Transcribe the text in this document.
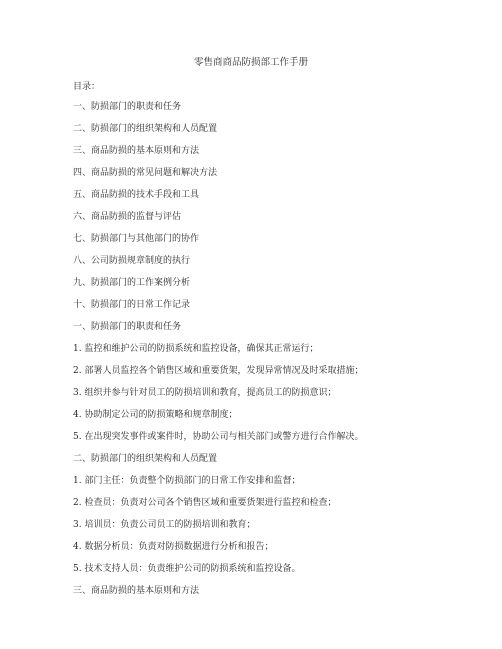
零售商商品防损部工作手册
目录：
一、防损部门的职责和任务
二、防损部门的组织架构和人员配置
三、商品防损的基本原则和方法
四、商品防损的常见问题和解决方法
五、商品防损的技术手段和工具
六、商品防损的监督与评估
七、防损部门与其他部门的协作
八、公司防损规章制度的执行
九、防损部门的工作案例分析
十、防损部门的日常工作记录
一、防损部门的职责和任务
1. 监控和维护公司的防损系统和监控设备，确保其正常运行；
2. 部署人员监控各个销售区域和重要货架，发现异常情况及时采取措施；
3. 组织并参与针对员工的防损培训和教育，提高员工的防损意识；
4. 协助制定公司的防损策略和规章制度；
5. 在出现突发事件或案件时，协助公司与相关部门或警方进行合作解决。
二、防损部门的组织架构和人员配置
1. 部门主任：负责整个防损部门的日常工作安排和监督；
2. 检查员：负责对公司各个销售区域和重要货架进行监控和检查；
3. 培训员：负责公司员工的防损培训和教育；
4. 数据分析员：负责对防损数据进行分析和报告；
5. 技术支持人员：负责维护公司的防损系统和监控设备。
三、商品防损的基本原则和方法
